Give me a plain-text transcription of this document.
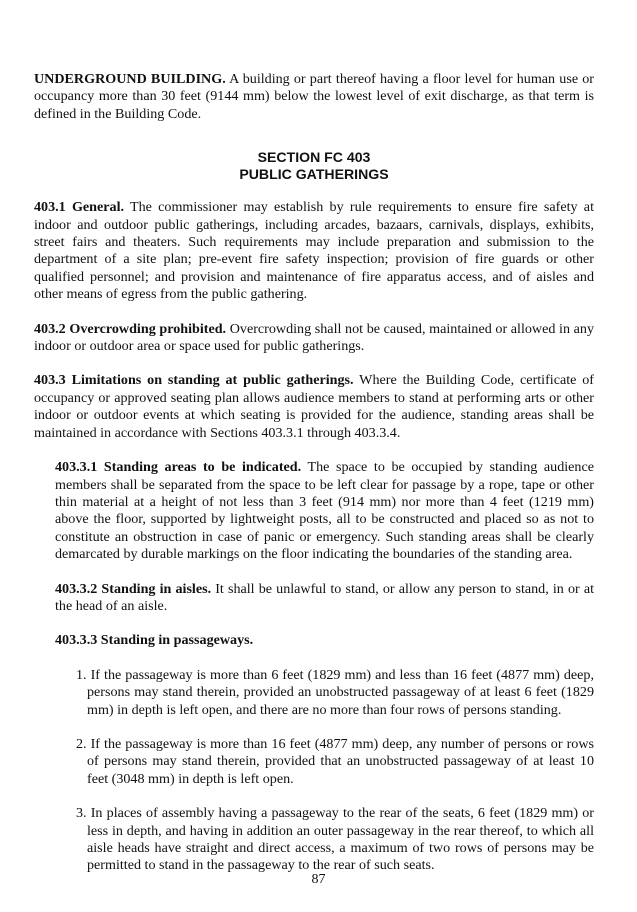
UNDERGROUND BUILDING. A building or part thereof having a floor level for human use or occupancy more than 30 feet (9144 mm) below the lowest level of exit discharge, as that term is defined in the Building Code.

SECTION FC 403
PUBLIC GATHERINGS

403.1 General. The commissioner may establish by rule requirements to ensure fire safety at indoor and outdoor public gatherings, including arcades, bazaars, carnivals, displays, exhibits, street fairs and theaters. Such requirements may include preparation and submission to the department of a site plan; pre-event fire safety inspection; provision of fire guards or other qualified personnel; and provision and maintenance of fire apparatus access, and of aisles and other means of egress from the public gathering.

403.2 Overcrowding prohibited. Overcrowding shall not be caused, maintained or allowed in any indoor or outdoor area or space used for public gatherings.

403.3 Limitations on standing at public gatherings. Where the Building Code, certificate of occupancy or approved seating plan allows audience members to stand at performing arts or other indoor or outdoor events at which seating is provided for the audience, standing areas shall be maintained in accordance with Sections 403.3.1 through 403.3.4.

403.3.1 Standing areas to be indicated. The space to be occupied by standing audience members shall be separated from the space to be left clear for passage by a rope, tape or other thin material at a height of not less than 3 feet (914 mm) nor more than 4 feet (1219 mm) above the floor, supported by lightweight posts, all to be constructed and placed so as not to constitute an obstruction in case of panic or emergency. Such standing areas shall be clearly demarcated by durable markings on the floor indicating the boundaries of the standing area.

403.3.2 Standing in aisles. It shall be unlawful to stand, or allow any person to stand, in or at the head of an aisle.

403.3.3 Standing in passageways.

1. If the passageway is more than 6 feet (1829 mm) and less than 16 feet (4877 mm) deep, persons may stand therein, provided an unobstructed passageway of at least 6 feet (1829 mm) in depth is left open, and there are no more than four rows of persons standing.
2. If the passageway is more than 16 feet (4877 mm) deep, any number of persons or rows of persons may stand therein, provided that an unobstructed passageway of at least 10 feet (3048 mm) in depth is left open.
3. In places of assembly having a passageway to the rear of the seats, 6 feet (1829 mm) or less in depth, and having in addition an outer passageway in the rear thereof, to which all aisle heads have straight and direct access, a maximum of two rows of persons may be permitted to stand in the passageway to the rear of such seats.
87
